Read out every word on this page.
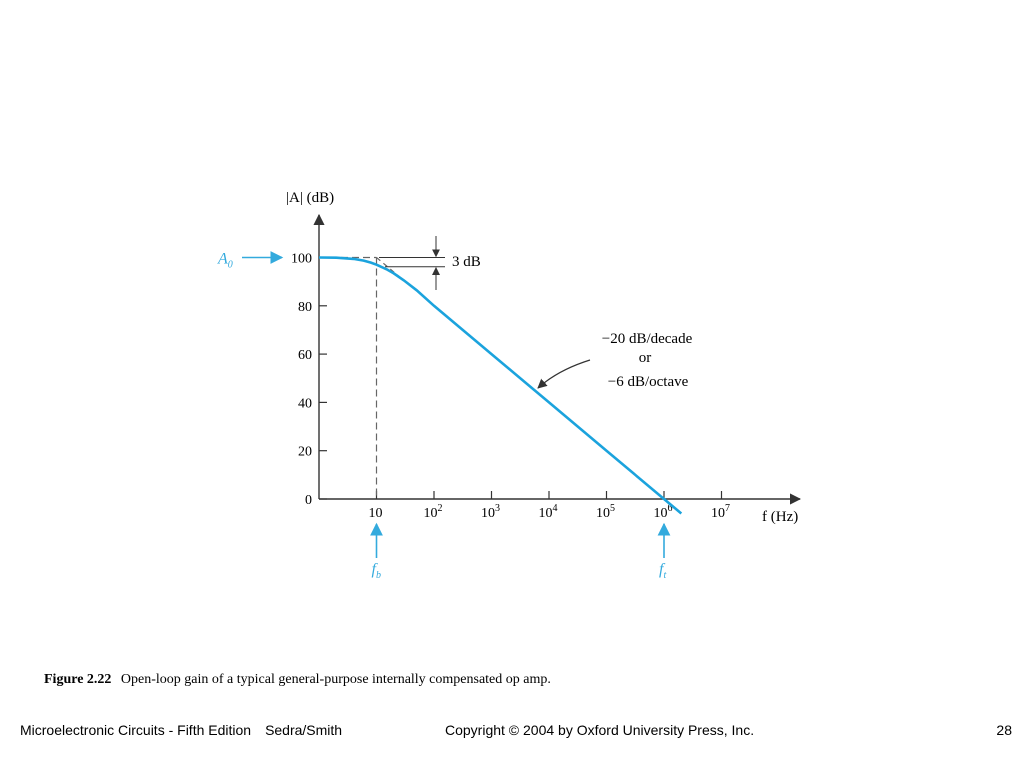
0
20
40
60
80
100
10	$10^2$	$10^3$	$10^4$	$10^5$	$10^6$	$10^7$
|A| (dB)
f (Hz)
3 dB
$A_0$
−20 dB/decade
or
−6 dB/octave
$f_b$	$f_t$
Figure 2.22 Open-loop gain of a typical general-purpose internally compensated op amp.
Microelectronic Circuits - Fifth Edition Sedra/Smith	Copyright © 2004 by Oxford University Press, Inc.	28
